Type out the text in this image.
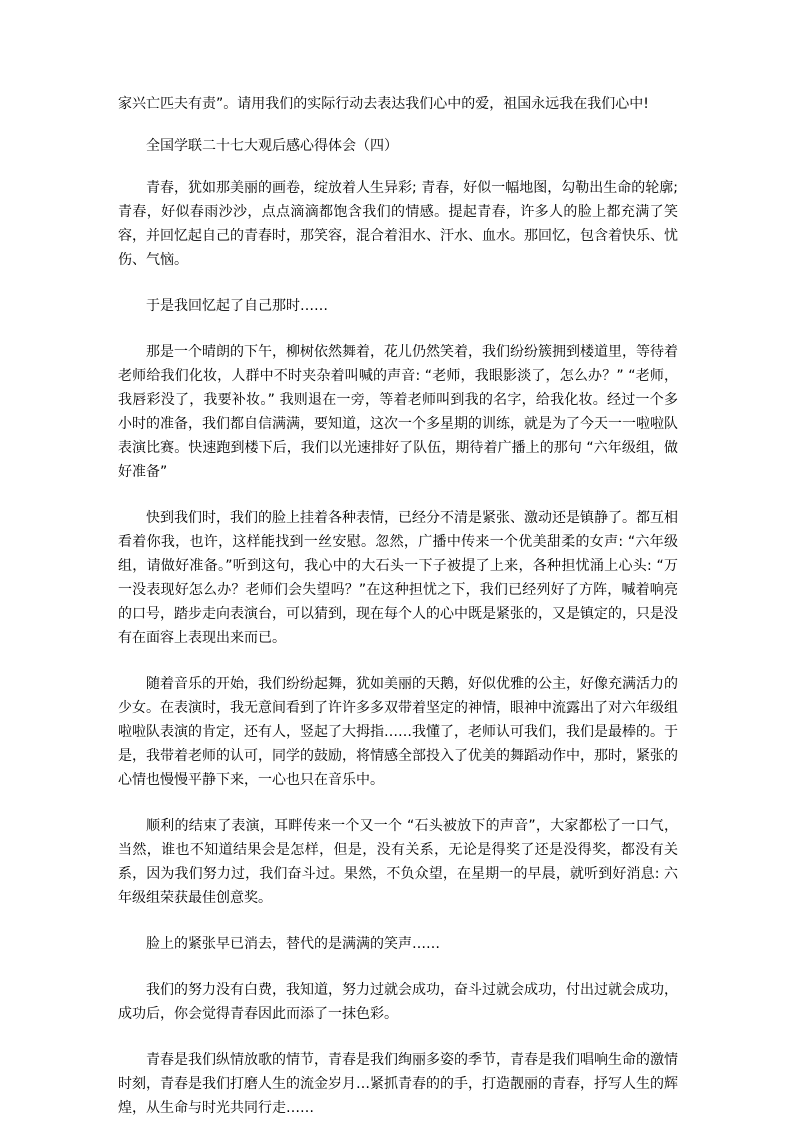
家兴亡匹夫有责”。请用我们的实际行动去表达我们心中的爱，祖国永远我在我们心中!

全国学联二十七大观后感心得体会（四）

青春，犹如那美丽的画卷，绽放着人生异彩; 青春，好似一幅地图，勾勒出生命的轮廓; 青春，好似春雨沙沙，点点滴滴都饱含我们的情感。提起青春，许多人的脸上都充满了笑容，并回忆起自己的青春时，那笑容，混合着泪水、汗水、血水。那回忆，包含着快乐、忧伤、气恼。

于是我回忆起了自己那时……

那是一个晴朗的下午，柳树依然舞着，花儿仍然笑着，我们纷纷簇拥到楼道里，等待着老师给我们化妆，人群中不时夹杂着叫喊的声音: “老师，我眼影淡了，怎么办？” “老师，我唇彩没了，我要补妆。” 我则退在一旁，等着老师叫到我的名字，给我化妆。经过一个多小时的准备，我们都自信满满，要知道，这次一个多星期的训练，就是为了今天一一啦啦队表演比赛。快速跑到楼下后，我们以光速排好了队伍，期待着广播上的那句 “六年级组，做好准备”

快到我们时，我们的脸上挂着各种表情，已经分不清是紧张、激动还是镇静了。都互相看着你我，也许，这样能找到一丝安慰。忽然，广播中传来一个优美甜柔的女声: “六年级组，请做好准备。”听到这句，我心中的大石头一下子被提了上来，各种担忧涌上心头: “万一没表现好怎么办？老师们会失望吗？”在这种担忧之下，我们已经列好了方阵，喊着响亮的口号，踏步走向表演台，可以猜到，现在每个人的心中既是紧张的，又是镇定的，只是没有在面容上表现出来而已。

随着音乐的开始，我们纷纷起舞，犹如美丽的天鹅，好似优雅的公主，好像充满活力的少女。在表演时，我无意间看到了许许多多双带着坚定的神情，眼神中流露出了对六年级组啦啦队表演的肯定，还有人，竖起了大拇指……我懂了，老师认可我们，我们是最棒的。于是，我带着老师的认可，同学的鼓励，将情感全部投入了优美的舞蹈动作中，那时，紧张的心情也慢慢平静下来，一心也只在音乐中。

顺利的结束了表演，耳畔传来一个又一个 “石头被放下的声音”，大家都松了一口气，当然，谁也不知道结果会是怎样，但是，没有关系，无论是得奖了还是没得奖，都没有关系，因为我们努力过，我们奋斗过。果然，不负众望，在星期一的早晨，就听到好消息: 六年级组荣获最佳创意奖。

脸上的紧张早已消去，替代的是满满的笑声……

我们的努力没有白费，我知道，努力过就会成功，奋斗过就会成功，付出过就会成功，成功后，你会觉得青春因此而添了一抹色彩。

青春是我们纵情放歌的情节，青春是我们绚丽多姿的季节，青春是我们唱响生命的激情时刻，青春是我们打磨人生的流金岁月…紧抓青春的的手，打造靓丽的青春，抒写人生的辉煌，从生命与时光共同行走……
